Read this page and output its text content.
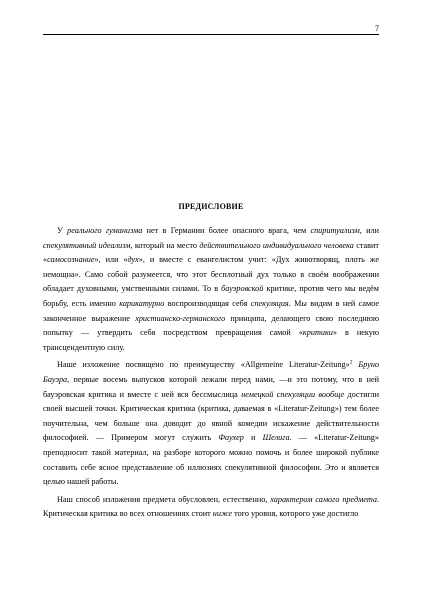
7
ПРЕДИСЛОВИЕ

У реального гуманизма нет в Германии более опасного врага, чем спиритуализм, или спекулятивный идеализм, который на место действительного индивидуального человека ставит «самосознание», или «дух», и вместе с евангелистом учит: «Дух животворящ, плоть же немощна». Само собой разумеется, что этот бесплотный дух только в своём воображении обладает духовными, умственными силами. То в бауэровской критике, против чего мы ведём борьбу, есть именно карикатурно воспроизводящая себя спекуляция. Мы видим в ней самое законченное выражение христианско-германского принципа, делающего свою последнюю попытку — утвердить себя посредством превращения самой «критики» в некую трансцендентную силу.

Наше изложение посвящено по преимуществу «Allgemeine Literatur-Zeitung»$^2$ Бруно Бауэра, первые восемь выпусков которой лежали перед нами, —и это потому, что в ней бауэровская критика и вместе с ней вся бессмыслица немецкой спекуляции вообще достигли своей высшей точки. Критическая критика (критика, даваемая в «Literatur-Zeitung») тем более поучительна, чем больше она доводит до явной комедии искажение действительности философией. — Примером могут служить Фаухер и Шелига. — «Literatur-Zeitung» преподносит такой материал, на разборе которого можно помочь и более широкой публике составить себе ясное представление об иллюзиях спекулятивной философии. Это и является целью нашей работы.

Наш способ изложения предмета обусловлен, естественно, характером самого предмета. Критическая критика во всех отношениях стоит ниже того уровня, которого уже достигло
